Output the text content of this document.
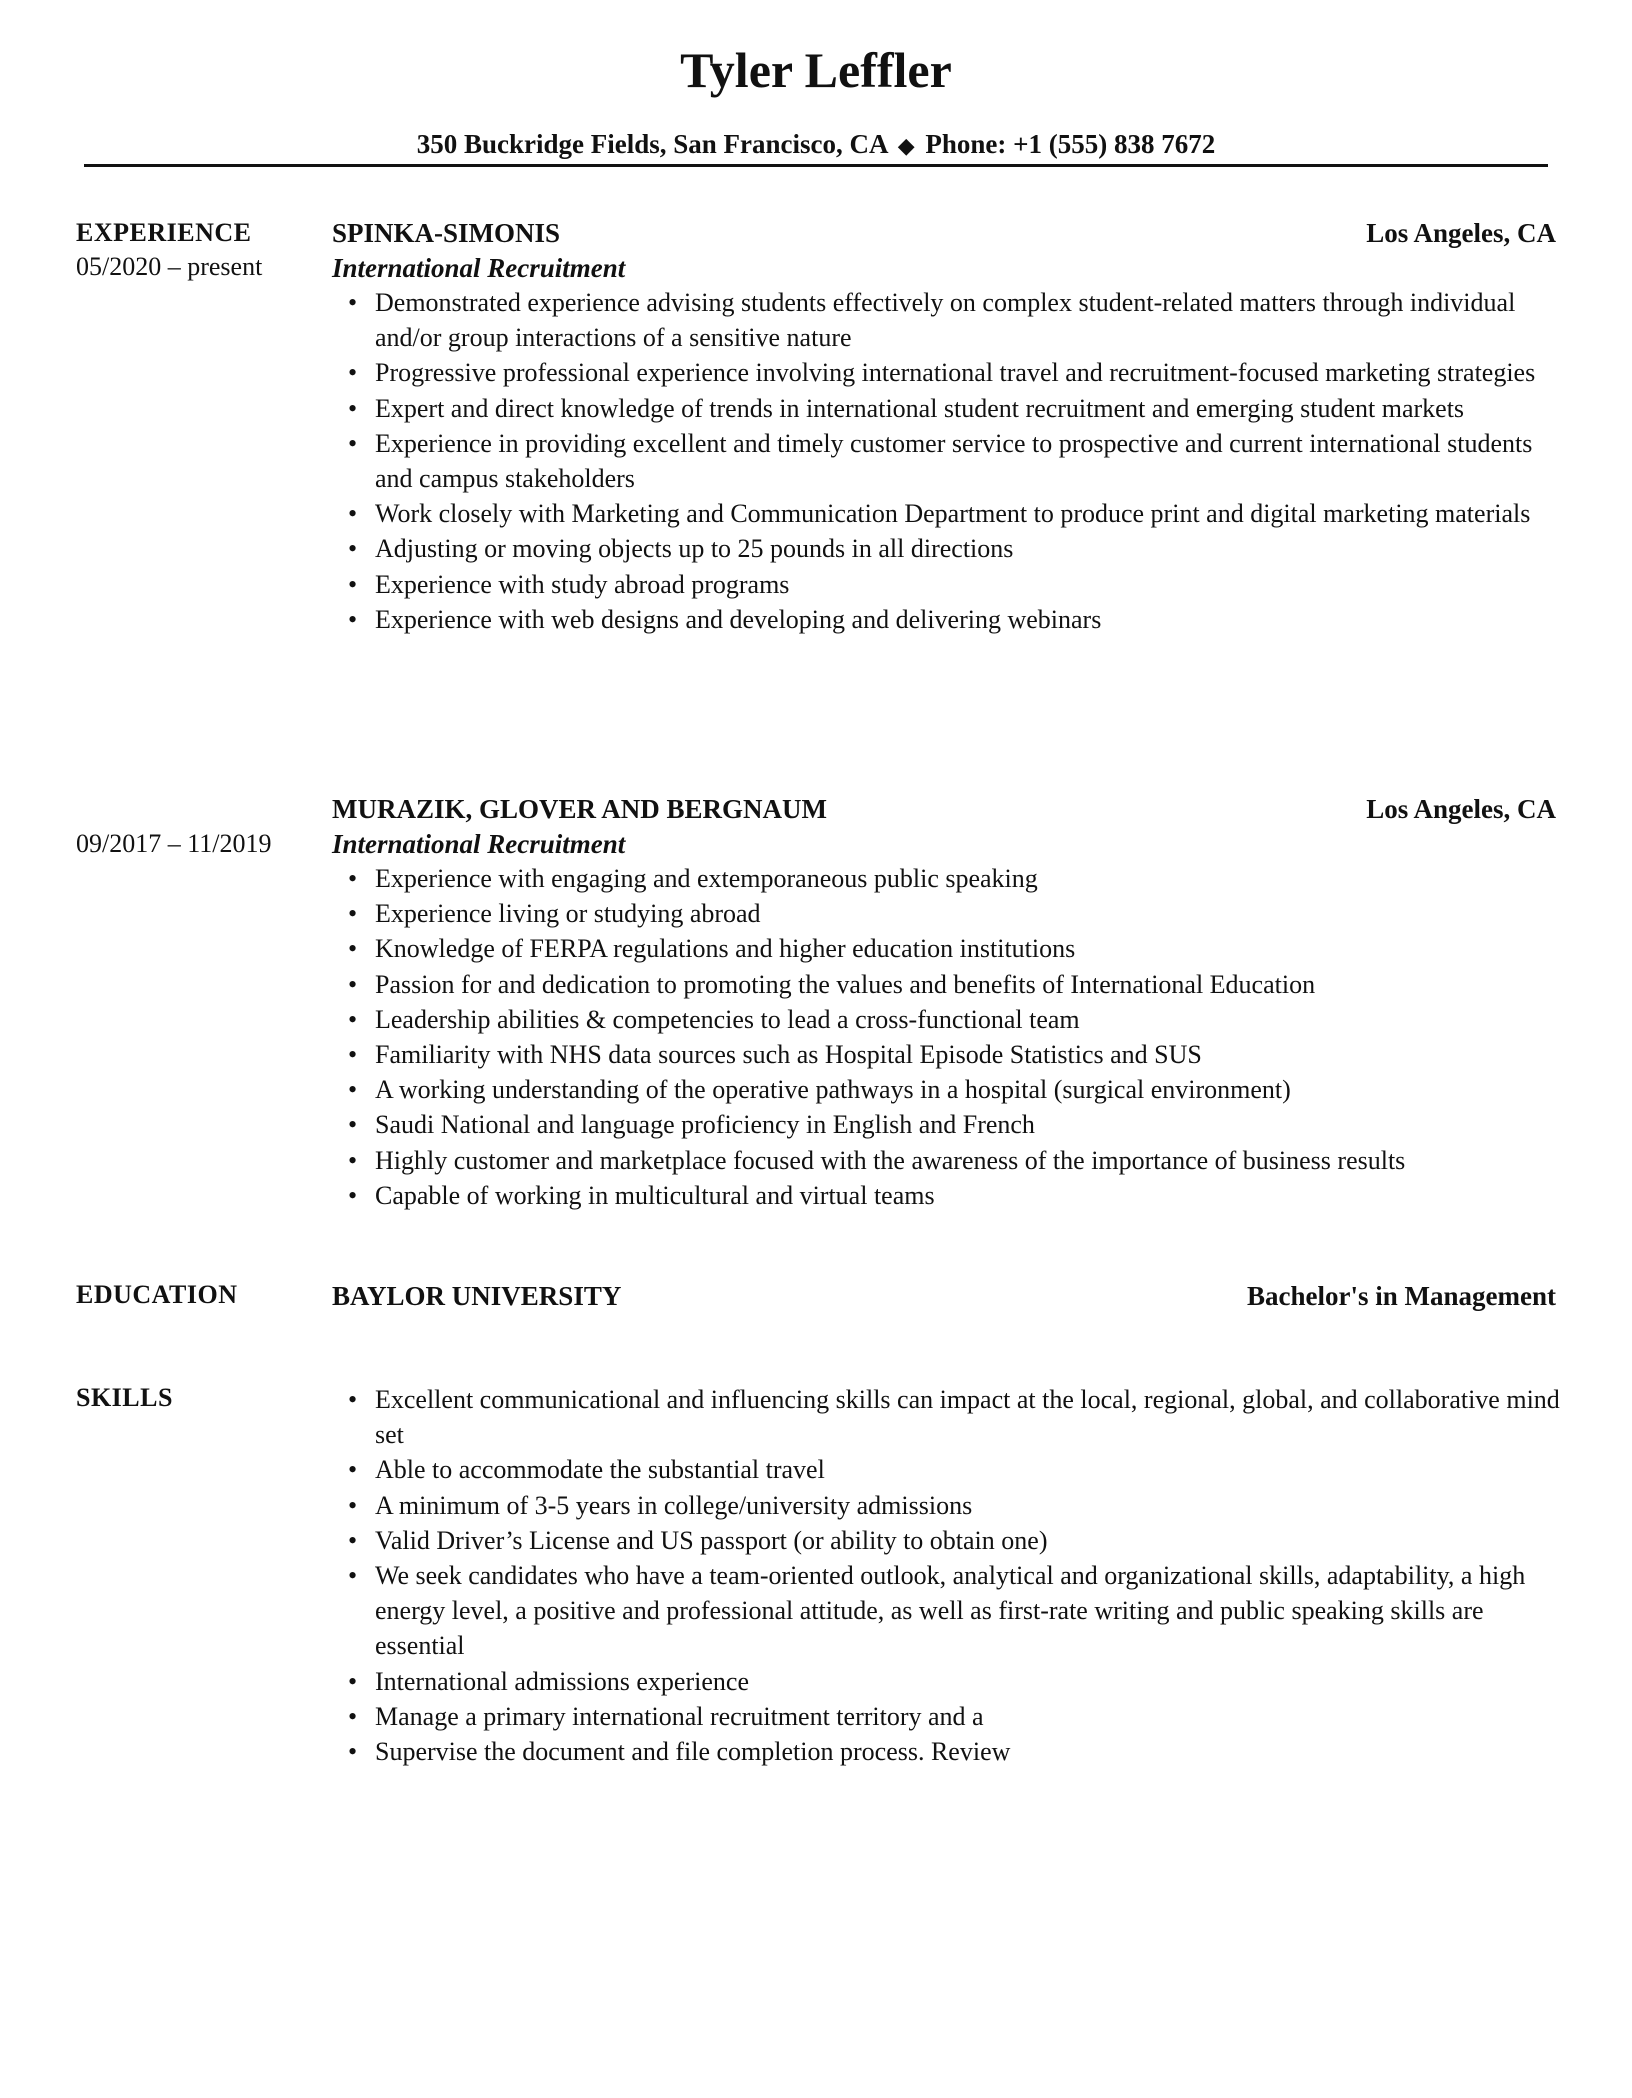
Tyler Leffler
350 Buckridge Fields, San Francisco, CA ◆ Phone: +1 (555) 838 7672
EXPERIENCE
05/2020 – present
SPINKA-SIMONIS	Los Angeles, CA
International Recruitment
• Demonstrated experience advising students effectively on complex student-related matters through individual and/or group interactions of a sensitive nature
• Progressive professional experience involving international travel and recruitment-focused marketing strategies
• Expert and direct knowledge of trends in international student recruitment and emerging student markets
• Experience in providing excellent and timely customer service to prospective and current international students and campus stakeholders
• Work closely with Marketing and Communication Department to produce print and digital marketing materials
• Adjusting or moving objects up to 25 pounds in all directions
• Experience with study abroad programs
• Experience with web designs and developing and delivering webinars
09/2017 – 11/2019
MURAZIK, GLOVER AND BERGNAUM	Los Angeles, CA
International Recruitment
• Experience with engaging and extemporaneous public speaking
• Experience living or studying abroad
• Knowledge of FERPA regulations and higher education institutions
• Passion for and dedication to promoting the values and benefits of International Education
• Leadership abilities & competencies to lead a cross-functional team
• Familiarity with NHS data sources such as Hospital Episode Statistics and SUS
• A working understanding of the operative pathways in a hospital (surgical environment)
• Saudi National and language proficiency in English and French
• Highly customer and marketplace focused with the awareness of the importance of business results
• Capable of working in multicultural and virtual teams
EDUCATION	BAYLOR UNIVERSITY	Bachelor's in Management
SKILLS
•	Excellent communicational and influencing skills can impact at the local, regional, global, and collaborative mind set
• Able to accommodate the substantial travel
• A minimum of 3-5 years in college/university admissions
• Valid Driver’s License and US passport (or ability to obtain one)
• We seek candidates who have a team-oriented outlook, analytical and organizational skills, adaptability, a high energy level, a positive and professional attitude, as well as first-rate writing and public speaking skills are essential
• International admissions experience
• Manage a primary international recruitment territory and a
• Supervise the document and file completion process. Review
